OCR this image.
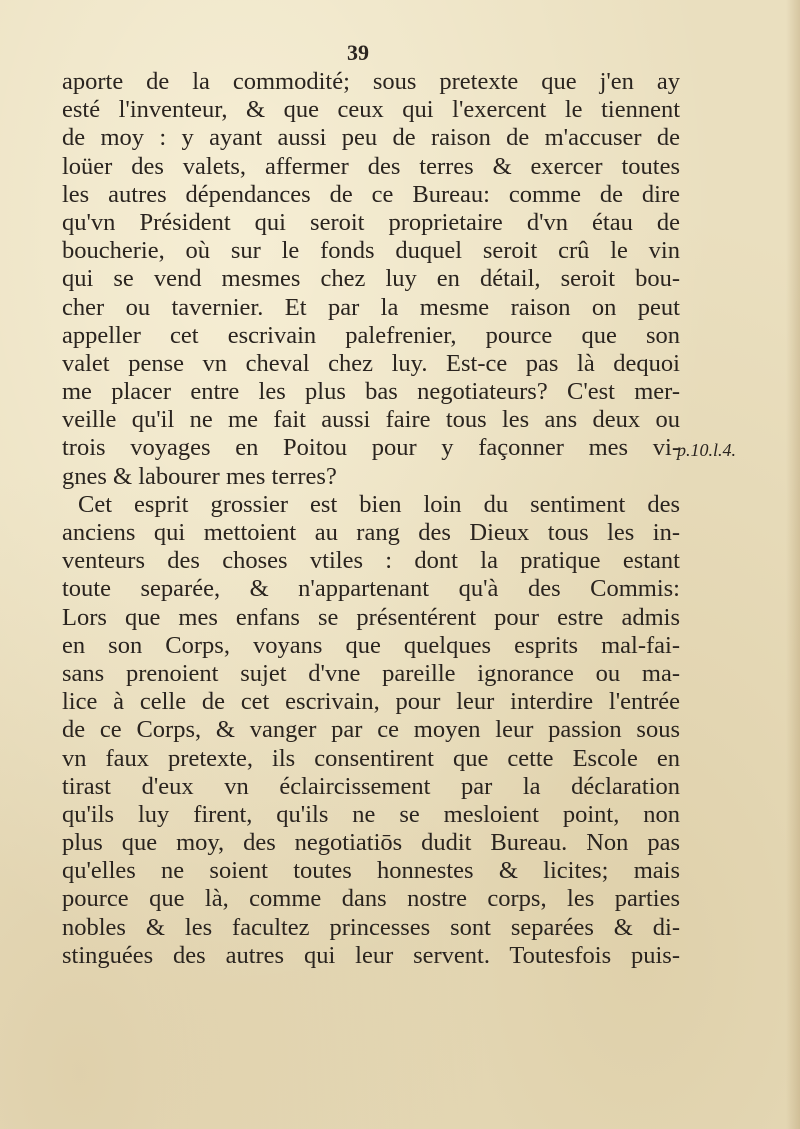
39
aporte de la commodité; sous pretexte que j'en ay
esté l'inventeur, & que ceux qui l'exercent le tiennent
de moy : y ayant aussi peu de raison de m'accuser de
loüer des valets, affermer des terres & exercer toutes
les autres dépendances de ce Bureau: comme de dire
qu'vn Président qui seroit proprietaire d'vn étau de
boucherie, où sur le fonds duquel seroit crû le vin
qui se vend mesmes chez luy en détail, seroit bou-
cher ou tavernier. Et par la mesme raison on peut
appeller cet escrivain palefrenier, pource que son
valet pense vn cheval chez luy. Est-ce pas là dequoi
me placer entre les plus bas negotiateurs? C'est mer-
veille qu'il ne me fait aussi faire tous les ans deux ou
trois voyages en Poitou pour y façonner mes vi-
gnes & labourer mes terres?
Cet esprit grossier est bien loin du sentiment des
anciens qui mettoient au rang des Dieux tous les in-
venteurs des choses vtiles : dont la pratique estant
toute separée, & n'appartenant qu'à des Commis:
Lors que mes enfans se présentérent pour estre admis
en son Corps, voyans que quelques esprits mal-fai-
sans prenoient sujet d'vne pareille ignorance ou ma-
lice à celle de cet escrivain, pour leur interdire l'entrée
de ce Corps, & vanger par ce moyen leur passion sous
vn faux pretexte, ils consentirent que cette Escole en
tirast d'eux vn éclaircissement par la déclaration
qu'ils luy firent, qu'ils ne se mesloient point, non
plus que moy, des negotiatiōs dudit Bureau. Non pas
qu'elles ne soient toutes honnestes & licites; mais
pource que là, comme dans nostre corps, les parties
nobles & les facultez princesses sont separées & di-
stinguées des autres qui leur servent. Toutesfois puis-
p.10.l.4.
